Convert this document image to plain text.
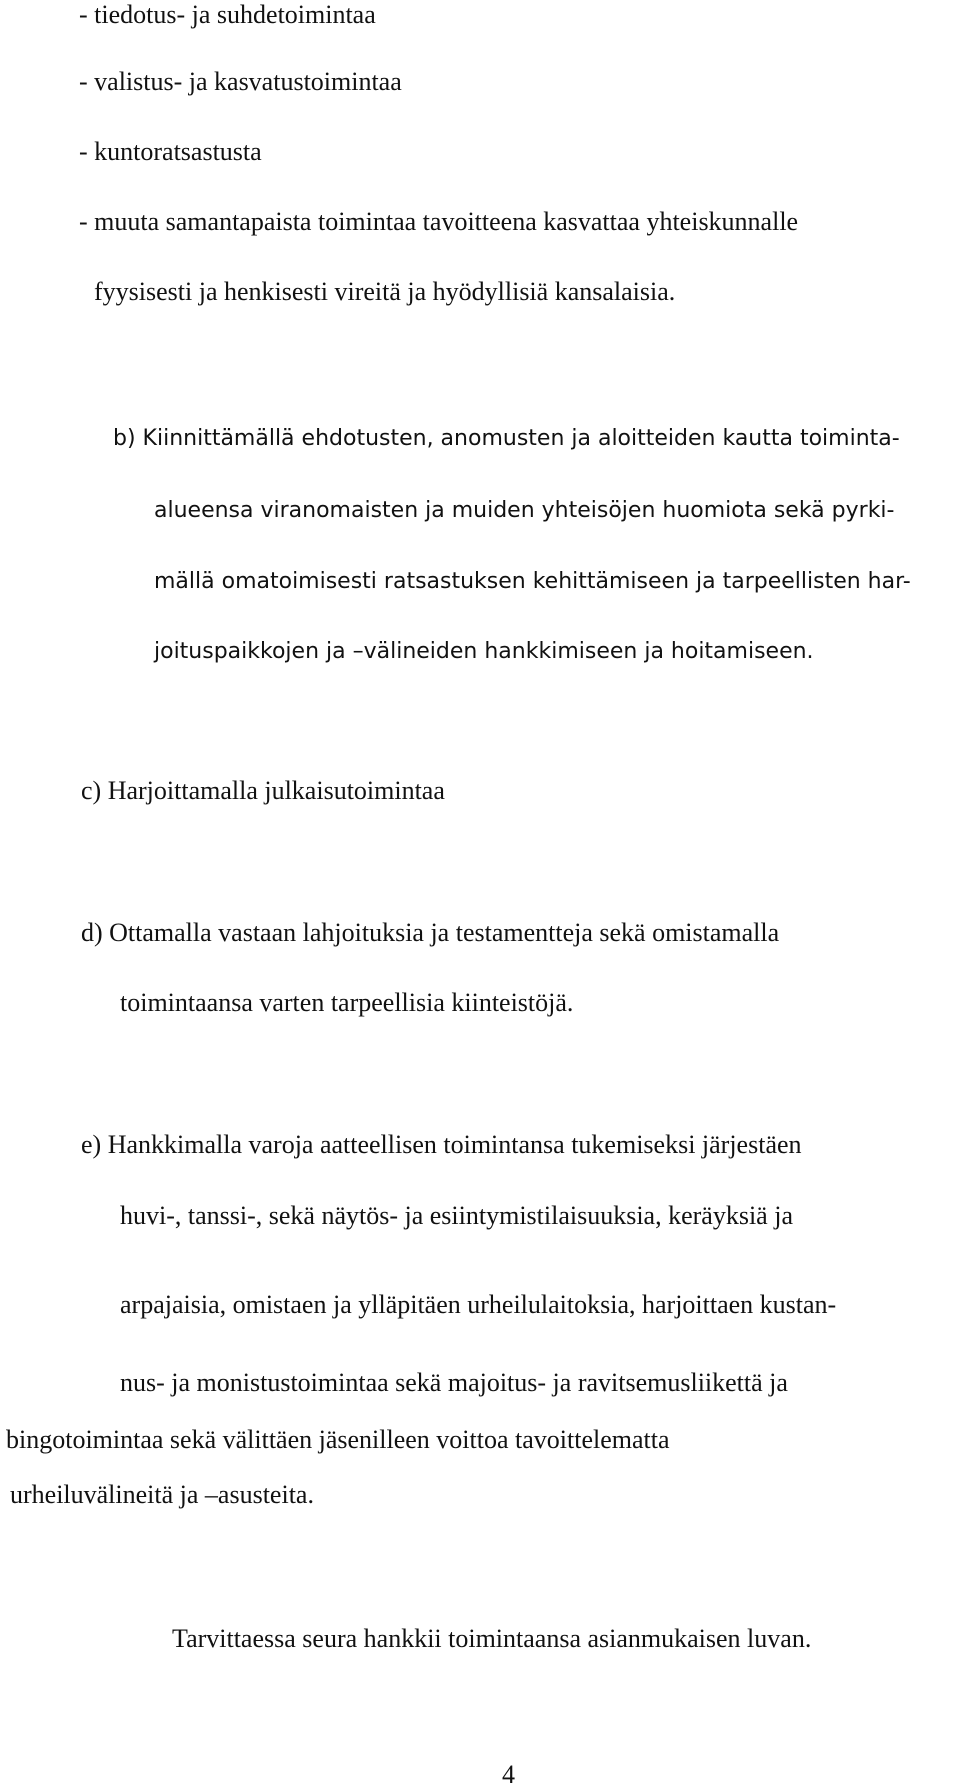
- tiedotus- ja suhdetoimintaa
- valistus- ja kasvatustoimintaa
- kuntoratsastusta
- muuta samantapaista toimintaa tavoitteena kasvattaa yhteiskunnalle
fyysisesti ja henkisesti vireitä ja hyödyllisiä kansalaisia.
b) Kiinnittämällä ehdotusten, anomusten ja aloitteiden kautta toiminta-
alueensa viranomaisten ja muiden yhteisöjen huomiota sekä pyrki-
mällä omatoimisesti ratsastuksen kehittämiseen ja tarpeellisten har-
joituspaikkojen ja –välineiden hankkimiseen ja hoitamiseen.
c) Harjoittamalla julkaisutoimintaa
d) Ottamalla vastaan lahjoituksia ja testamentteja sekä omistamalla
toimintaansa varten tarpeellisia kiinteistöjä.
e) Hankkimalla varoja aatteellisen toimintansa tukemiseksi järjestäen
huvi-, tanssi-, sekä näytös- ja esiintymistilaisuuksia, keräyksiä ja
arpajaisia, omistaen ja ylläpitäen urheilulaitoksia, harjoittaen kustan-
nus- ja monistustoimintaa sekä majoitus- ja ravitsemusliikettä ja
bingotoimintaa sekä välittäen jäsenilleen voittoa tavoittelematta
urheiluvälineitä ja –asusteita.
Tarvittaessa seura hankkii toimintaansa asianmukaisen luvan.
4
